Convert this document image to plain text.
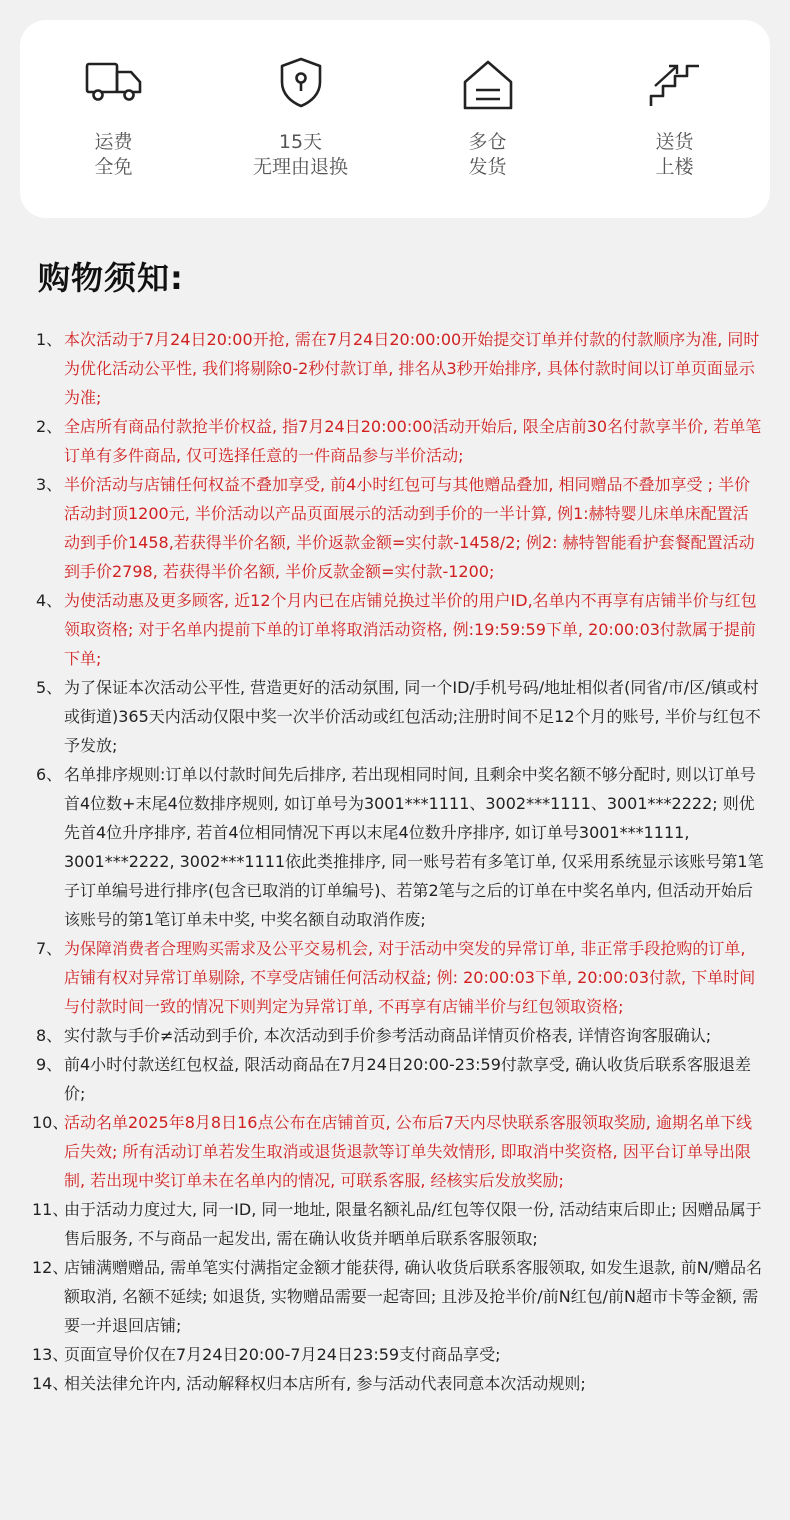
运费
全免
15天
无理由退换
多仓
发货
送货
上楼
购物须知:
1、 本次活动于7月24日20:00开抢, 需在7月24日20:00:00开始提交订单并付款的付款顺序为准, 同时为优化活动公平性, 我们将剔除0-2秒付款订单, 排名从3秒开始排序, 具体付款时间以订单页面显示为准;
2、 全店所有商品付款抢半价权益, 指7月24日20:00:00活动开始后, 限全店前30名付款享半价, 若单笔订单有多件商品, 仅可选择任意的一件商品参与半价活动;
3、 半价活动与店铺任何权益不叠加享受, 前4小时红包可与其他赠品叠加, 相同赠品不叠加享受 ; 半价活动封顶1200元, 半价活动以产品页面展示的活动到手价的一半计算, 例1:赫特婴儿床单床配置活动到手价1458,若获得半价名额, 半价返款金额=实付款-1458/2; 例2: 赫特智能看护套餐配置活动到手价2798, 若获得半价名额, 半价反款金额=实付款-1200;
4、 为使活动惠及更多顾客, 近12个月内已在店铺兑换过半价的用户ID,名单内不再享有店铺半价与红包领取资格; 对于名单内提前下单的订单将取消活动资格, 例:19:59:59下单, 20:00:03付款属于提前下单;
5、 为了保证本次活动公平性, 营造更好的活动氛围, 同一个ID/手机号码/地址相似者(同省/市/区/镇或村或街道)365天内活动仅限中奖一次半价活动或红包活动;注册时间不足12个月的账号, 半价与红包不予发放;
6、 名单排序规则:订单以付款时间先后排序, 若出现相同时间, 且剩余中奖名额不够分配时, 则以订单号首4位数+末尾4位数排序规则, 如订单号为3001***1111、3002***1111、3001***2222; 则优先首4位升序排序, 若首4位相同情况下再以末尾4位数升序排序, 如订单号3001***1111, 3001***2222, 3002***1111依此类推排序, 同一账号若有多笔订单, 仅采用系统显示该账号第1笔子订单编号进行排序(包含已取消的订单编号)、若第2笔与之后的订单在中奖名单内, 但活动开始后该账号的第1笔订单未中奖, 中奖名额自动取消作废;
7、 为保障消费者合理购买需求及公平交易机会, 对于活动中突发的异常订单, 非正常手段抢购的订单, 店铺有权对异常订单剔除, 不享受店铺任何活动权益; 例: 20:00:03下单, 20:00:03付款, 下单时间与付款时间一致的情况下则判定为异常订单, 不再享有店铺半价与红包领取资格;
8、 实付款与手价≠活动到手价, 本次活动到手价参考活动商品详情页价格表, 详情咨询客服确认;
9、 前4小时付款送红包权益, 限活动商品在7月24日20:00-23:59付款享受, 确认收货后联系客服退差价;
10、
活动名单2025年8月8日16点公布在店铺首页, 公布后7天内尽快联系客服领取奖励, 逾期名单下线后失效; 所有活动订单若发生取消或退货退款等订单失效情形, 即取消中奖资格, 因平台订单导出限制, 若出现中奖订单未在名单内的情况, 可联系客服, 经核实后发放奖励;
11、
由于活动力度过大, 同一ID, 同一地址, 限量名额礼品/红包等仅限一份, 活动结束后即止; 因赠品属于售后服务, 不与商品一起发出, 需在确认收货并晒单后联系客服领取;
12、
店铺满赠赠品, 需单笔实付满指定金额才能获得, 确认收货后联系客服领取, 如发生退款, 前N/赠品名额取消, 名额不延续; 如退货, 实物赠品需要一起寄回; 且涉及抢半价/前N红包/前N超市卡等金额, 需要一并退回店铺;
13、
页面宣导价仅在7月24日20:00-7月24日23:59支付商品享受;
14、
相关法律允许内, 活动解释权归本店所有, 参与活动代表同意本次活动规则;
